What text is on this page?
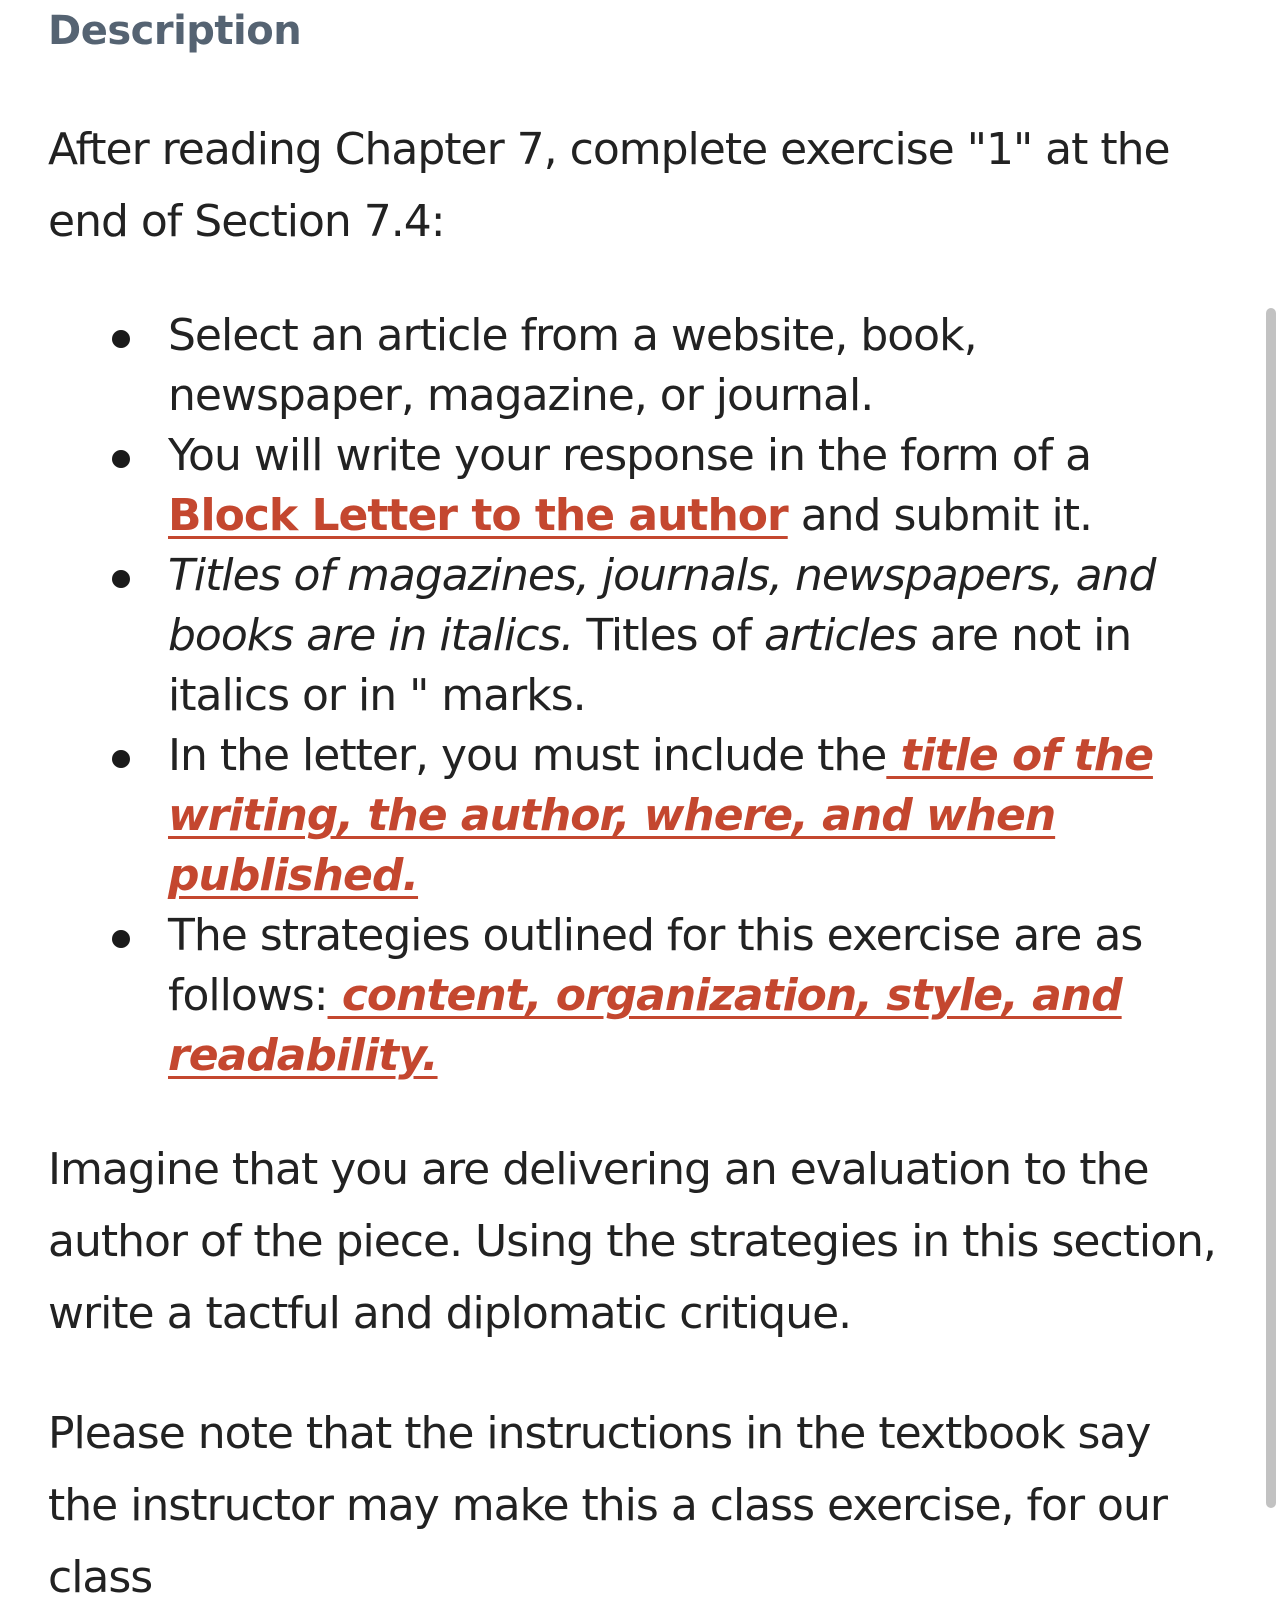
Description

After reading Chapter 7, complete exercise "1" at the end of Section 7.4:

Select an article from a website, book, newspaper, magazine, or journal.
You will write your response in the form of a Block Letter to the author and submit it.
Titles of magazines, journals, newspapers, and books are in italics. Titles of articles are not in italics or in " marks.
In the letter, you must include the title of the writing, the author, where, and when published.
The strategies outlined for this exercise are as follows: content, organization, style, and readability.

Imagine that you are delivering an evaluation to the author of the piece. Using the strategies in this section, write a tactful and diplomatic critique.

Please note that the instructions in the textbook say the instructor may make this a class exercise, for our class
